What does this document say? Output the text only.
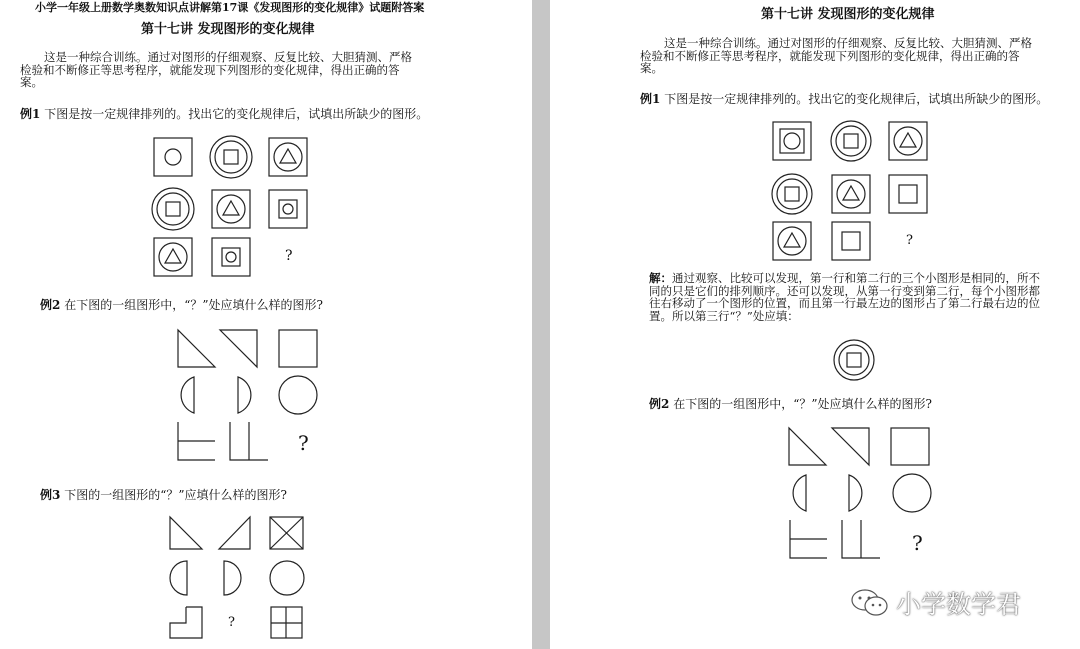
小学一年级上册数学奥数知识点讲解第17课《发现图形的变化规律》试题附答案

第十七讲 发现图形的变化规律

这是一种综合训练。通过对图形的仔细观察、反复比较、大胆猜测、严格
检验和不断修正等思考程序，就能发现下列图形的变化规律，得出正确的答
案。

例1 下图是按一定规律排列的。找出它的变化规律后，试填出所缺少的图形。

?

例2 在下图的一组图形中，“？”处应填什么样的图形?

?

例3 下图的一组图形的“？”应填什么样的图形?

?

第十七讲 发现图形的变化规律

这是一种综合训练。通过对图形的仔细观察、反复比较、大胆猜测、严格
检验和不断修正等思考程序，就能发现下列图形的变化规律，得出正确的答
案。

例1 下图是按一定规律排列的。找出它的变化规律后，试填出所缺少的图形。

?

解：通过观察、比较可以发现，第一行和第二行的三个小图形是相同的，所不
同的只是它们的排列顺序。还可以发现，从第一行变到第二行，每个小图形都
往右移动了一个图形的位置，而且第一行最左边的图形占了第二行最右边的位
置。所以第三行“？”处应填：

例2 在下图的一组图形中，“？”处应填什么样的图形?

?

小学数学君
